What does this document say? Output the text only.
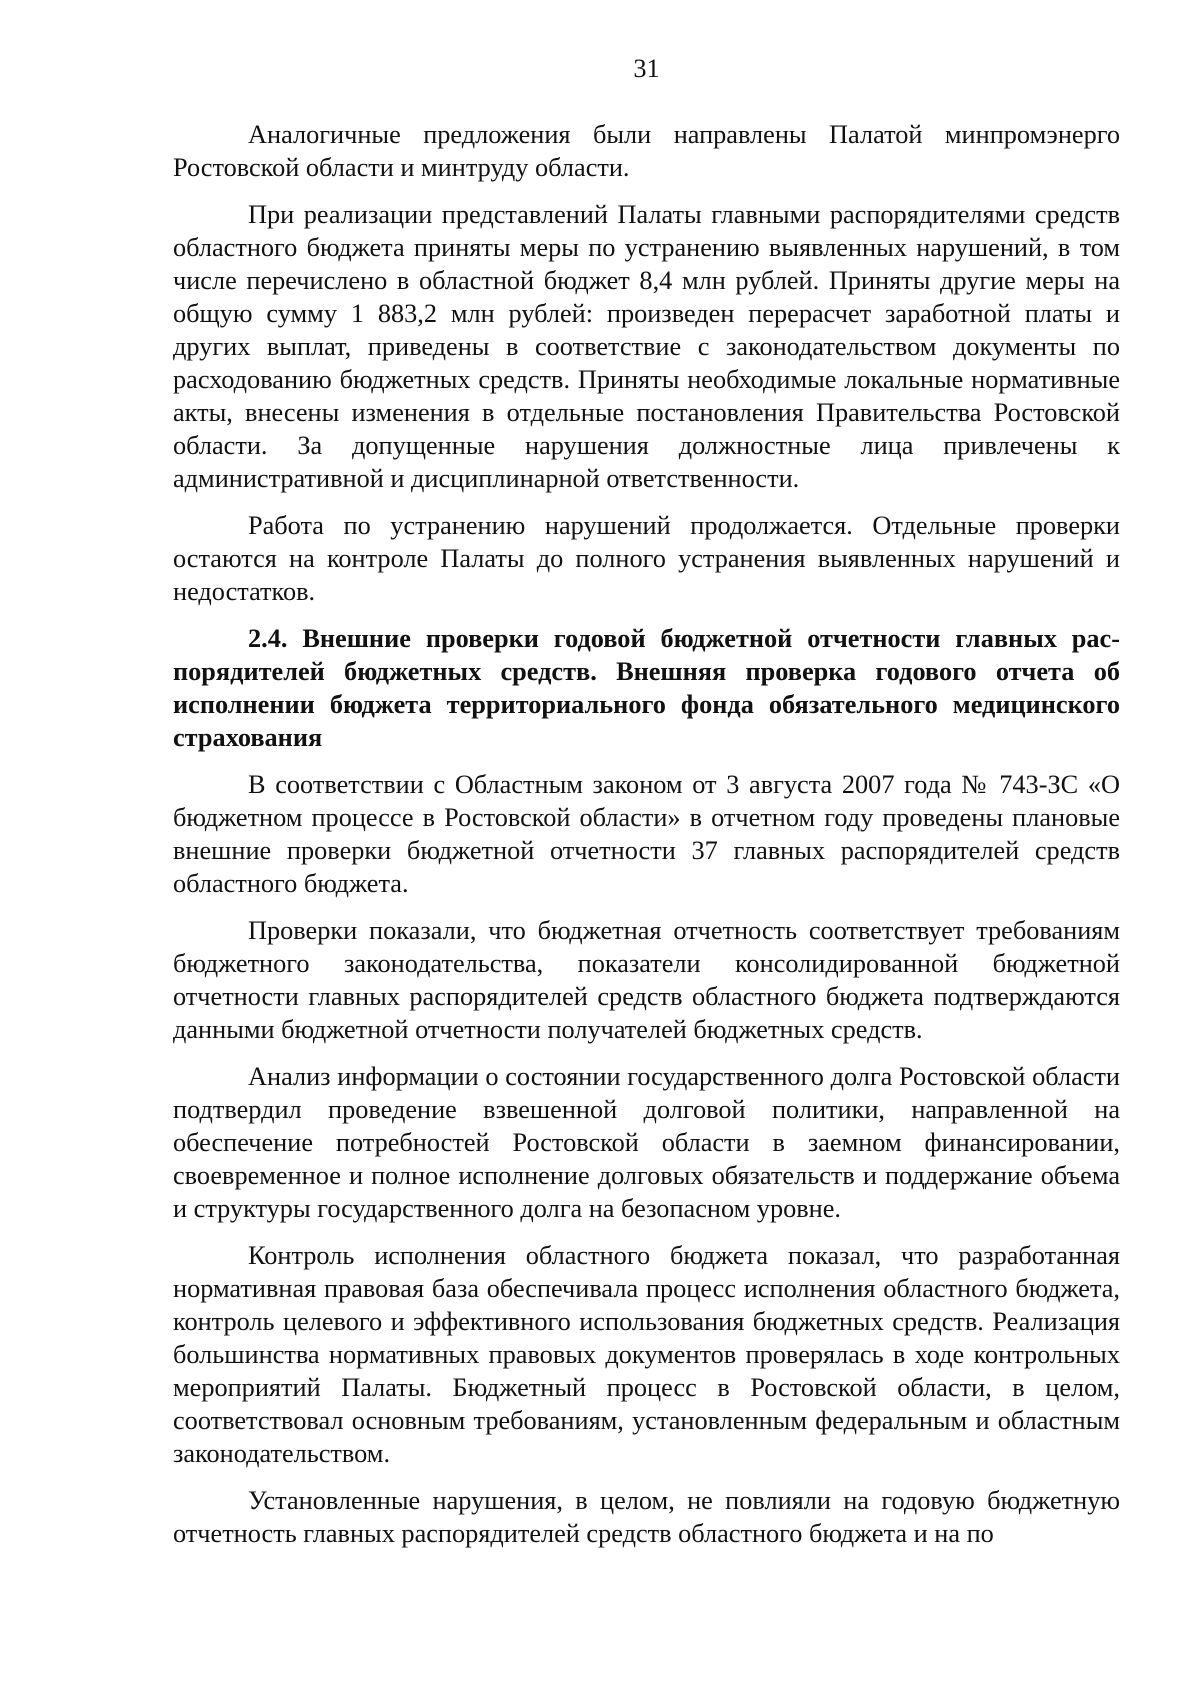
31

Аналогичные предложения были направлены Палатой минпромэнерго Ростовской области и минтруду области.

При реализации представлений Палаты главными распорядителями средств областного бюджета приняты меры по устранению выявленных нарушений, в том числе перечислено в областной бюджет 8,4 млн рублей. Приняты другие меры на общую сумму 1 883,2 млн рублей: произведен перерасчет заработной платы и других выплат, приведены в соответствие с законодательством документы по расходованию бюджетных средств. Приняты необходимые локальные нормативные акты, внесены изменения в отдельные постановления Правительства Ростовской области. За допущенные нарушения должностные лица привлечены к административной и дисциплинарной ответственности.

Работа по устранению нарушений продолжается. Отдельные проверки остаются на контроле Палаты до полного устранения выявленных нарушений и недостатков.

2.4. Внешние проверки годовой бюджетной отчетности главных распорядителей бюджетных средств. Внешняя проверка годового отчета об исполнении бюджета территориального фонда обязательного медицинского страхования

В соответствии с Областным законом от 3 августа 2007 года № 743-ЗС «О бюджетном процессе в Ростовской области» в отчетном году проведены плановые внешние проверки бюджетной отчетности 37 главных распорядителей средств областного бюджета.

Проверки показали, что бюджетная отчетность соответствует требованиям бюджетного законодательства, показатели консолидированной бюджетной отчетности главных распорядителей средств областного бюджета подтверждаются данными бюджетной отчетности получателей бюджетных средств.

Анализ информации о состоянии государственного долга Ростовской области подтвердил проведение взвешенной долговой политики, направленной на обеспечение потребностей Ростовской области в заемном финансировании, своевременное и полное исполнение долговых обязательств и поддержание объема и структуры государственного долга на безопасном уровне.

Контроль исполнения областного бюджета показал, что разработанная нормативная правовая база обеспечивала процесс исполнения областного бюджета, контроль целевого и эффективного использования бюджетных средств. Реализация большинства нормативных правовых документов проверялась в ходе контрольных мероприятий Палаты. Бюджетный процесс в Ростовской области, в целом, соответствовал основным требованиям, установленным федеральным и областным законодательством.

Установленные нарушения, в целом, не повлияли на годовую бюджетную отчетность главных распорядителей средств областного бюджета и на по
